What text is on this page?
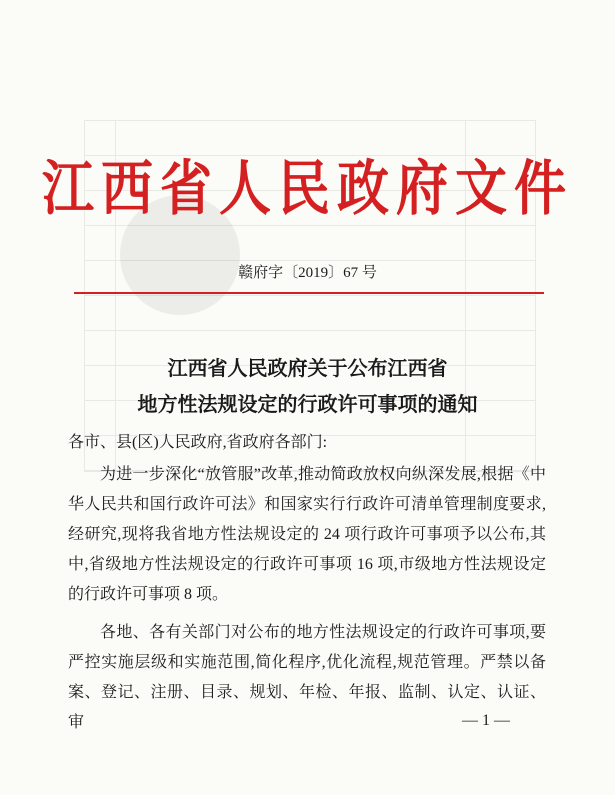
江西省人民政府文件
赣府字〔2019〕67 号
江西省人民政府关于公布江西省
地方性法规设定的行政许可事项的通知
各市、县(区)人民政府,省政府各部门:
为进一步深化“放管服”改革,推动简政放权向纵深发展,根据《中华人民共和国行政许可法》和国家实行行政许可清单管理制度要求,经研究,现将我省地方性法规设定的 24 项行政许可事项予以公布,其中,省级地方性法规设定的行政许可事项 16 项,市级地方性法规设定的行政许可事项 8 项。
各地、各有关部门对公布的地方性法规设定的行政许可事项,要严控实施层级和实施范围,简化程序,优化流程,规范管理。严禁以备案、登记、注册、目录、规划、年检、年报、监制、认定、认证、审	— 1 —
